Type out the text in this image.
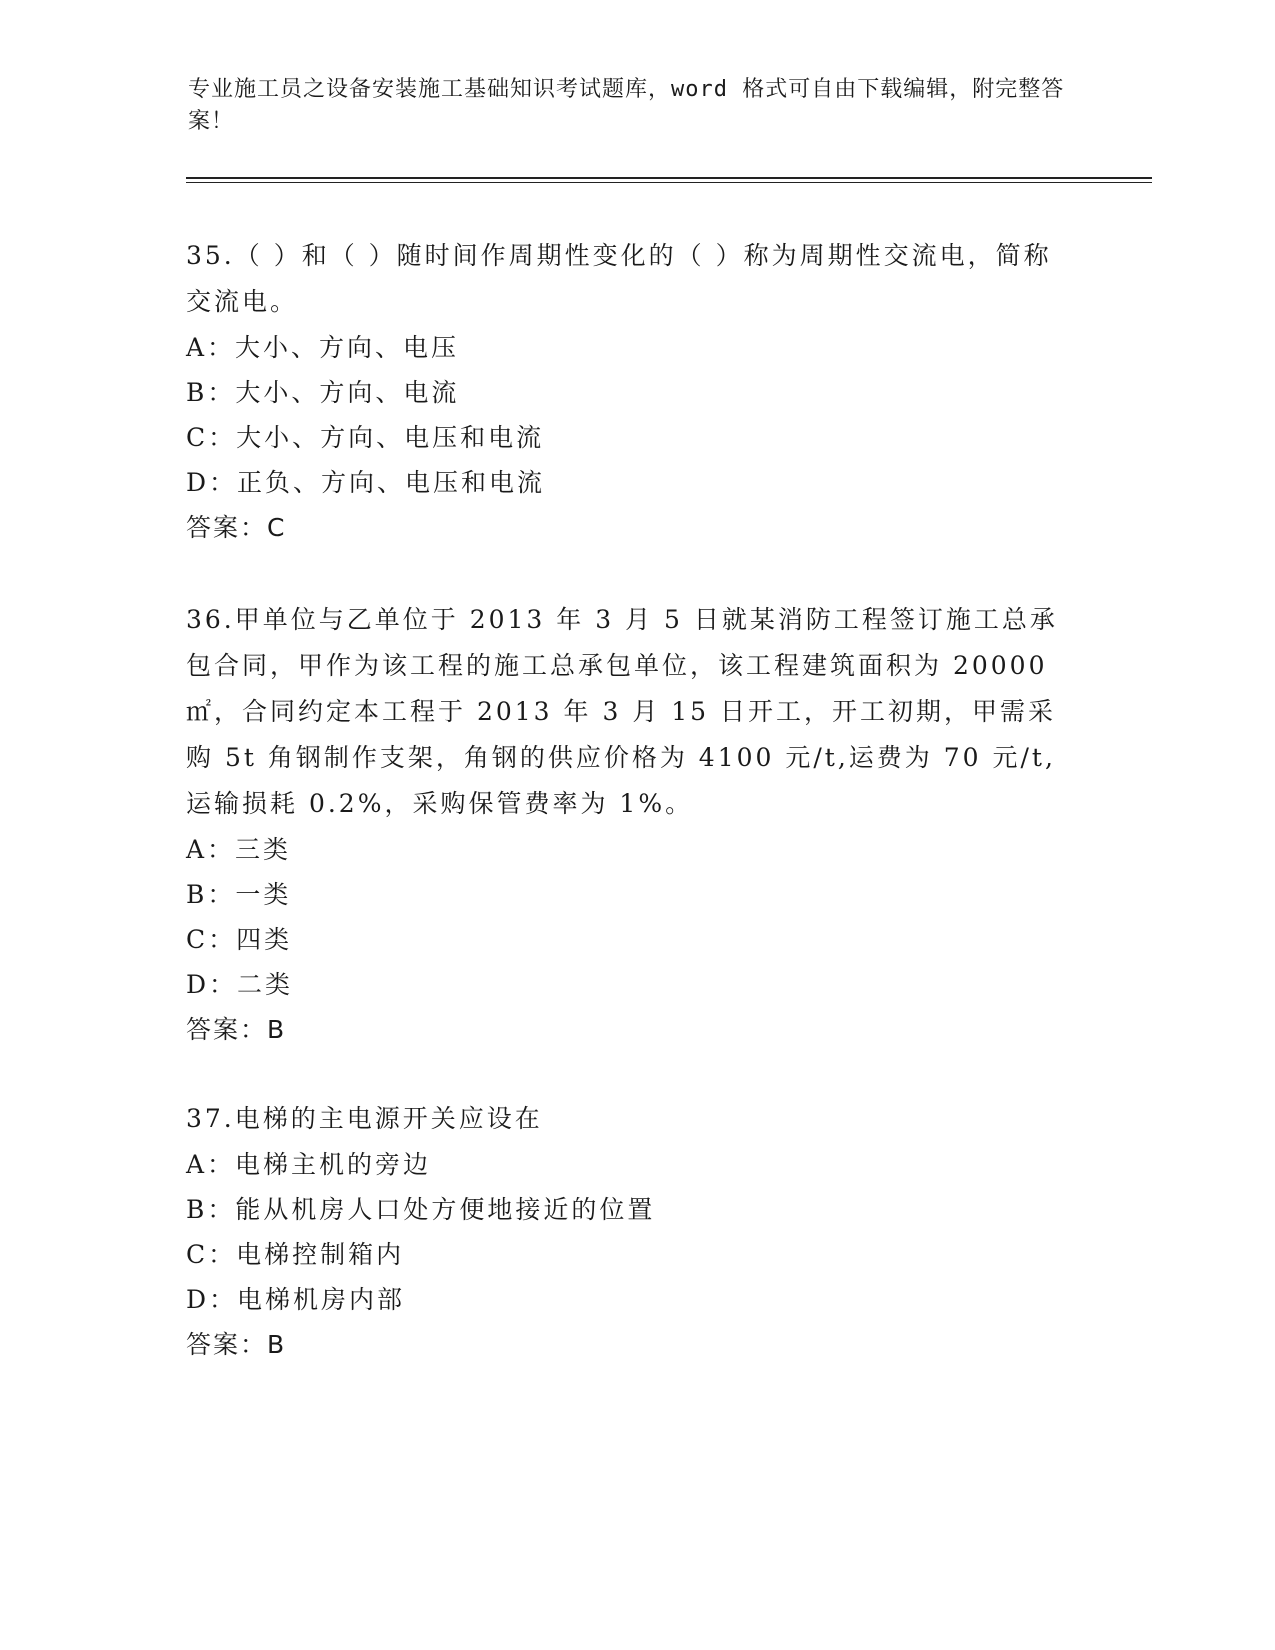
专业施工员之设备安装施工基础知识考试题库，word 格式可自由下载编辑，附完整答案！
35.（ ）和（ ）随时间作周期性变化的（ ）称为周期性交流电，简称交流电。
A：大小、方向、电压
B：大小、方向、电流
C：大小、方向、电压和电流
D：正负、方向、电压和电流
答案：C
36.甲单位与乙单位于 2013 年 3 月 5 日就某消防工程签订施工总承包合同，甲作为该工程的施工总承包单位，该工程建筑面积为 20000㎡，合同约定本工程于 2013 年 3 月 15 日开工，开工初期，甲需采购 5t 角钢制作支架，角钢的供应价格为 4100 元/t,运费为 70 元/t,运输损耗 0.2%，采购保管费率为 1%。
A：三类
B：一类
C：四类
D：二类
答案：B
37.电梯的主电源开关应设在
A：电梯主机的旁边
B：能从机房人口处方便地接近的位置
C：电梯控制箱内
D：电梯机房内部
答案：B
